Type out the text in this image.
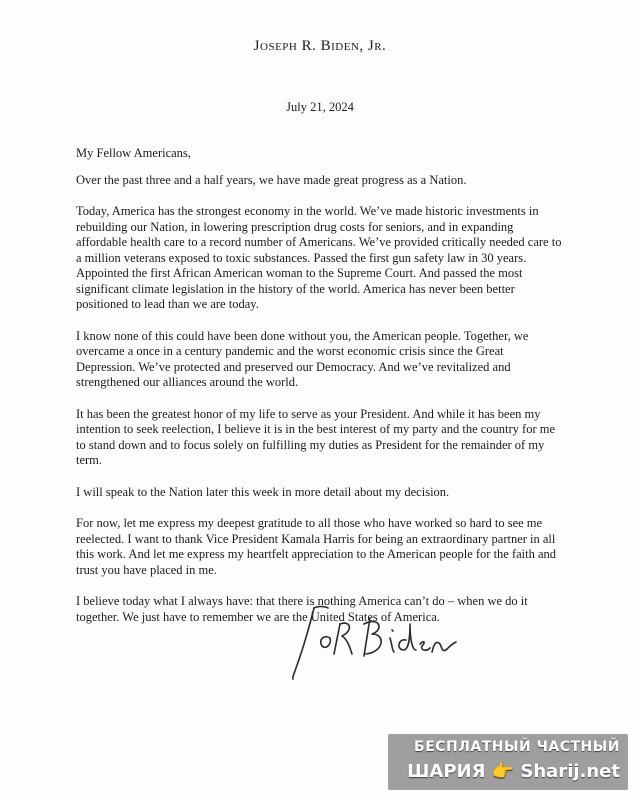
Joseph R. Biden, Jr.
July 21, 2024

My Fellow Americans,

Over the past three and a half years, we have made great progress as a Nation.

Today, America has the strongest economy in the world. We’ve made historic investments in rebuilding our Nation, in lowering prescription drug costs for seniors, and in expanding affordable health care to a record number of Americans. We’ve provided critically needed care to a million veterans exposed to toxic substances. Passed the first gun safety law in 30 years. Appointed the first African American woman to the Supreme Court. And passed the most significant climate legislation in the history of the world. America has never been better positioned to lead than we are today.

I know none of this could have been done without you, the American people. Together, we overcame a once in a century pandemic and the worst economic crisis since the Great Depression. We’ve protected and preserved our Democracy. And we’ve revitalized and strengthened our alliances around the world.

It has been the greatest honor of my life to serve as your President. And while it has been my intention to seek reelection, I believe it is in the best interest of my party and the country for me to stand down and to focus solely on fulfilling my duties as President for the remainder of my term.

I will speak to the Nation later this week in more detail about my decision.

For now, let me express my deepest gratitude to all those who have worked so hard to see me reelected. I want to thank Vice President Kamala Harris for being an extraordinary partner in all this work. And let me express my heartfelt appreciation to the American people for the faith and trust you have placed in me.

I believe today what I always have: that there is nothing America can’t do – when we do it together. We just have to remember we are the United States of America.

БЕСПЛАТНЫЙ ЧАСТНЫЙ
ШАРИЯ 👉 Sharij.net
